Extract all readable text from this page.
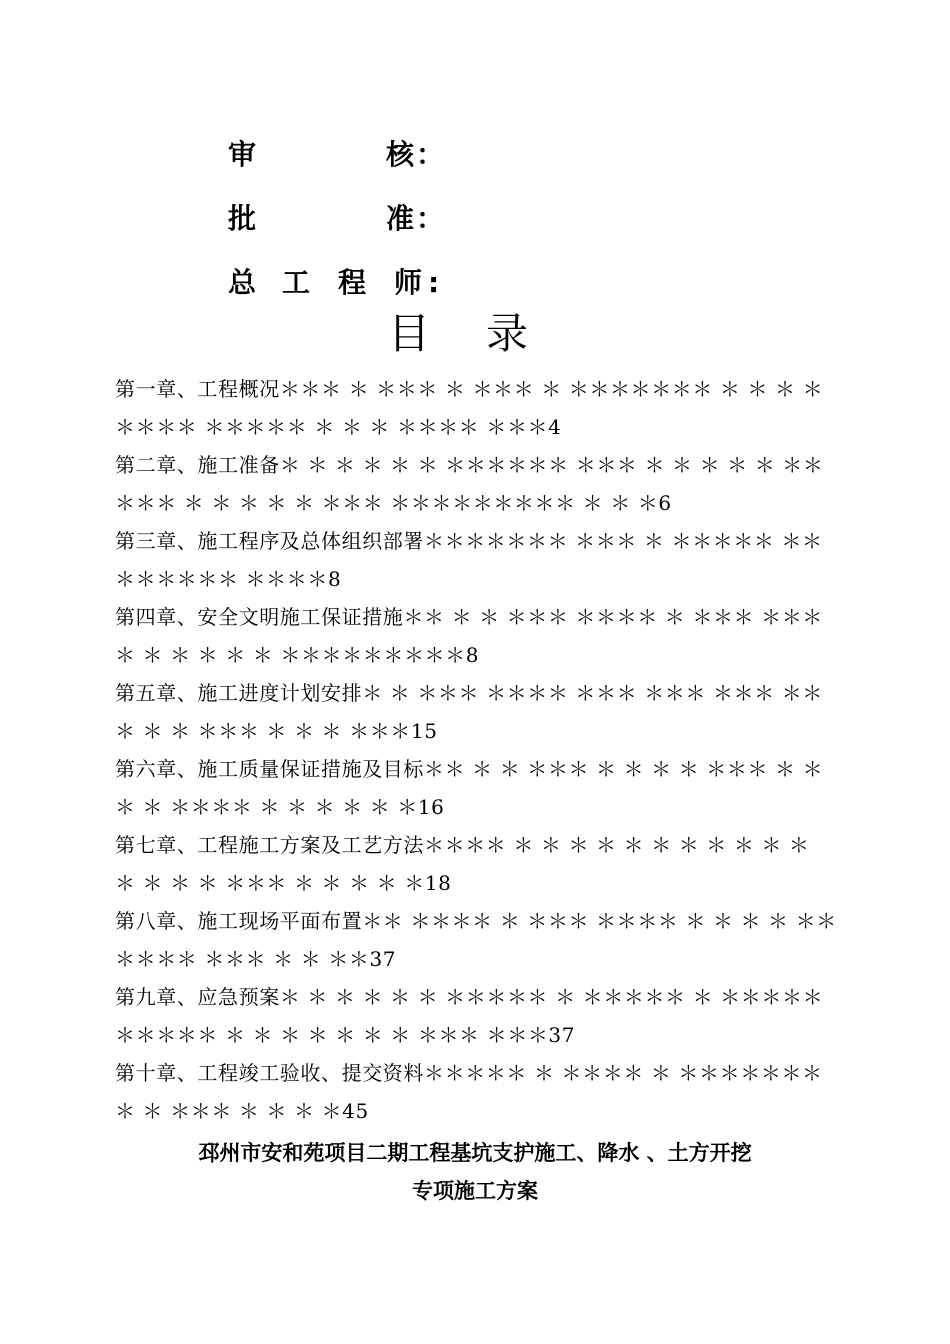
审	核 ：
批	准 ：
总 工 程 师 :
目 录
第一章、工程概况＊＊＊ ＊ ＊＊＊ ＊ ＊＊＊ ＊ ＊＊＊＊＊＊＊ ＊ ＊ ＊ ＊ ＊＊＊＊ ＊＊＊＊＊ ＊ ＊ ＊ ＊＊＊＊ ＊＊＊4
第二章、施工准备＊ ＊ ＊ ＊ ＊ ＊ ＊＊＊＊＊＊ ＊＊＊ ＊ ＊ ＊ ＊ ＊ ＊＊＊＊＊ ＊ ＊ ＊ ＊ ＊ ＊＊＊ ＊＊＊＊＊＊＊＊＊ ＊ ＊ ＊6
第三章、施工程序及总体组织部署＊＊＊＊＊＊＊ ＊＊＊ ＊ ＊＊＊＊＊ ＊＊＊＊＊＊＊＊ ＊＊＊＊8
第四章、安全文明施工保证措施＊＊ ＊ ＊ ＊＊＊ ＊＊＊＊ ＊ ＊＊＊ ＊＊＊ ＊ ＊ ＊ ＊ ＊ ＊ ＊＊＊＊＊＊＊＊＊8
第五章、施工进度计划安排＊ ＊ ＊＊＊ ＊＊＊＊ ＊＊＊ ＊＊＊ ＊＊＊ ＊＊＊ ＊ ＊ ＊＊＊ ＊ ＊ ＊ ＊＊＊15
第六章、施工质量保证措施及目标＊＊ ＊ ＊ ＊＊＊ ＊ ＊ ＊ ＊ ＊＊＊ ＊ ＊ ＊ ＊ ＊＊＊＊ ＊ ＊ ＊ ＊ ＊ ＊16
第七章、工程施工方案及工艺方法＊＊＊＊ ＊ ＊ ＊ ＊ ＊ ＊ ＊ ＊ ＊ ＊ ＊ ＊ ＊ ＊ ＊ ＊＊＊ ＊ ＊ ＊ ＊ ＊18
第八章、施工现场平面布置＊＊ ＊＊＊＊ ＊ ＊＊＊ ＊＊＊＊ ＊ ＊ ＊ ＊ ＊＊＊＊＊＊ ＊＊＊ ＊ ＊ ＊＊37
第九章、应急预案＊ ＊ ＊ ＊ ＊ ＊ ＊＊＊＊＊ ＊ ＊＊＊＊＊ ＊ ＊＊＊＊＊＊＊＊＊＊ ＊ ＊ ＊ ＊ ＊ ＊ ＊ ＊＊＊ ＊＊＊37
第十章、工程竣工验收、提交资料＊＊＊＊＊ ＊ ＊＊＊＊ ＊ ＊＊＊＊＊＊＊＊ ＊ ＊＊＊ ＊ ＊ ＊ ＊45
邳州市安和苑项目二期工程基坑支护施工、降水 、土方开挖
专项施工方案
